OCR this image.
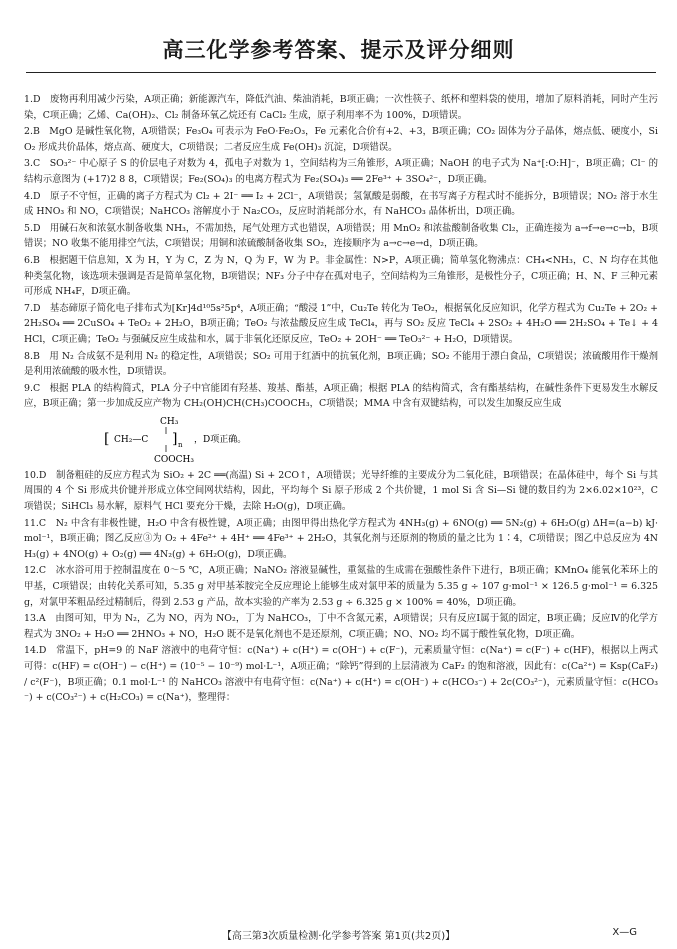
高三化学参考答案、提示及评分细则

1.D　 废物再利用减少污染，A项正确；新能源汽车，降低汽油、柴油消耗，B项正确；一次性筷子、纸杯和塑料袋的使用，增加了原料消耗，同时产生污染，C项正确；乙烯、Ca(OH)₂、Cl₂ 制备环氧乙烷还有 CaCl₂ 生成，原子利用率不为 100%，D项错误。

2.B　 MgO 是碱性氧化物，A项错误；Fe₃O₄ 可表示为 FeO·Fe₂O₃，Fe 元素化合价有+2、+3，B项正确；CO₂ 固体为分子晶体，熔点低、硬度小，SiO₂ 形成共价晶体，熔点高、硬度大，C项错误；二者反应生成 Fe(OH)₃ 沉淀，D项错误。

3.C　 SO₃²⁻ 中心原子 S 的价层电子对数为 4，孤电子对数为 1，空间结构为三角锥形，A项正确；NaOH 的电子式为 Na⁺[:O:H]⁻，B项正确；Cl⁻ 的结构示意图为 (+17)2 8 8，C项错误；Fe₂(SO₄)₃ 的电离方程式为 Fe₂(SO₄)₃ ══ 2Fe³⁺ + 3SO₄²⁻，D项正确。

4.D　 原子不守恒，正确的离子方程式为 Cl₂ + 2I⁻ ══ I₂ + 2Cl⁻，A项错误；氢氰酸是弱酸，在书写离子方程式时不能拆分，B项错误；NO₂ 溶于水生成 HNO₃ 和 NO，C项错误；NaHCO₃ 溶解度小于 Na₂CO₃，反应时消耗部分水，有 NaHCO₃ 晶体析出，D项正确。

5.D　 用碱石灰和浓氨水制备收集 NH₃，不需加热，尾气处理方式也错误，A项错误；用 MnO₂ 和浓盐酸制备收集 Cl₂，正确连接为 a→f→e→c→b，B项错误；NO 收集不能用排空气法，C项错误；用铜和浓硫酸制备收集 SO₂，连接顺序为 a→c→e→d，D项正确。

6.B　 根据题干信息知，X 为 H，Y 为 C，Z 为 N，Q 为 F，W 为 P。非金属性：N>P，A项正确；简单氢化物沸点：CH₄<NH₃，C、N 均存在其他种类氢化物，该选项未强调是否是简单氢化物，B项错误；NF₃ 分子中存在孤对电子，空间结构为三角锥形，是极性分子，C项正确；H、N、F 三种元素可形成 NH₄F，D项正确。

7.D　 基态碲原子简化电子排布式为[Kr]4d¹⁰5s²5p⁴，A项正确；“酸浸 1”中，Cu₂Te 转化为 TeO₂，根据氧化反应知识，化学方程式为 Cu₂Te + 2O₂ + 2H₂SO₄ ══ 2CuSO₄ + TeO₂ + 2H₂O，B项正确；TeO₂ 与浓盐酸反应生成 TeCl₄，再与 SO₂ 反应 TeCl₄ + 2SO₂ + 4H₂O ══ 2H₂SO₄ + Te↓ + 4HCl，C项正确；TeO₂ 与强碱反应生成盐和水，属于非氧化还原反应，TeO₂ + 2OH⁻ ══ TeO₃²⁻ + H₂O，D项错误。

8.B　 用 N₂ 合成氨不是利用 N₂ 的稳定性，A项错误；SO₂ 可用于红酒中的抗氧化剂，B项正确；SO₂ 不能用于漂白食品，C项错误；浓硫酸用作干燥剂是利用浓硫酸的吸水性，D项错误。

9.C　 根据 PLA 的结构简式，PLA 分子中官能团有羟基、羧基、酯基，A项正确；根据 PLA 的结构简式，含有酯基结构，在碱性条件下更易发生水解反应，B项正确；第一步加成反应产物为 CH₂(OH)CH(CH₃)COOCH₃，C项错误；MMA 中含有双键结构，可以发生加聚反应生成

CH₃
[ CH₂—C ] n
COOCH₃
，D项正确。

10.D　 制备粗硅的反应方程式为 SiO₂ + 2C ══(高温) Si + 2CO↑，A项错误；光导纤维的主要成分为二氧化硅，B项错误；在晶体硅中，每个 Si 与其周围的 4 个 Si 形成共价键并形成立体空间网状结构，因此，平均每个 Si 原子形成 2 个共价键，1 mol Si 含 Si—Si 键的数目约为 2×6.02×10²³，C项错误；SiHCl₃ 易水解，原料气 HCl 要充分干燥，去除 H₂O(g)，D项正确。

11.C　 N₂ 中含有非极性键，H₂O 中含有极性键，A项正确；由图甲得出热化学方程式为 4NH₃(g) + 6NO(g) ══ 5N₂(g) + 6H₂O(g) ΔH=(a−b) kJ·mol⁻¹，B项正确；图乙反应③为 O₂ + 4Fe²⁺ + 4H⁺ ══ 4Fe³⁺ + 2H₂O，其氧化剂与还原剂的物质的量之比为 1∶4，C项错误；图乙中总反应为 4NH₃(g) + 4NO(g) + O₂(g) ══ 4N₂(g) + 6H₂O(g)，D项正确。

12.C　 冰水浴可用于控制温度在 0～5 ℃，A项正确；NaNO₂ 溶液显碱性，重氮盐的生成需在强酸性条件下进行，B项正确；KMnO₄ 能氧化苯环上的甲基，C项错误；由转化关系可知，5.35 g 对甲基苯胺完全反应理论上能够生成对氯甲苯的质量为 5.35 g ÷ 107 g·mol⁻¹ × 126.5 g·mol⁻¹ = 6.325 g，对氯甲苯粗品经过精制后，得到 2.53 g 产品，故本实验的产率为 2.53 g ÷ 6.325 g × 100% = 40%，D项正确。

13.A　 由图可知，甲为 N₂，乙为 NO，丙为 NO₂，丁为 NaHCO₃，丁中不含氮元素，A项错误；只有反应Ⅰ属于氮的固定，B项正确；反应Ⅳ的化学方程式为 3NO₂ + H₂O ══ 2HNO₃ + NO，H₂O 既不是氧化剂也不是还原剂，C项正确；NO、NO₂ 均不属于酸性氧化物，D项正确。

14.D　 常温下，pH=9 的 NaF 溶液中的电荷守恒：c(Na⁺) + c(H⁺) = c(OH⁻) + c(F⁻)，元素质量守恒：c(Na⁺) = c(F⁻) + c(HF)，根据以上两式可得：c(HF) = c(OH⁻) − c(H⁺) = (10⁻⁵ − 10⁻⁹) mol·L⁻¹，A项正确；“除钙”得到的上层清液为 CaF₂ 的饱和溶液，因此有：c(Ca²⁺) = Ksp(CaF₂) / c²(F⁻)，B项正确；0.1 mol·L⁻¹ 的 NaHCO₃ 溶液中有电荷守恒：c(Na⁺) + c(H⁺) = c(OH⁻) + c(HCO₃⁻) + 2c(CO₃²⁻)，元素质量守恒：c(HCO₃⁻) + c(CO₃²⁻) + c(H₂CO₃) = c(Na⁺)，整理得：

【高三第3次质量检测·化学参考答案 第1页(共2页)】	X—G
